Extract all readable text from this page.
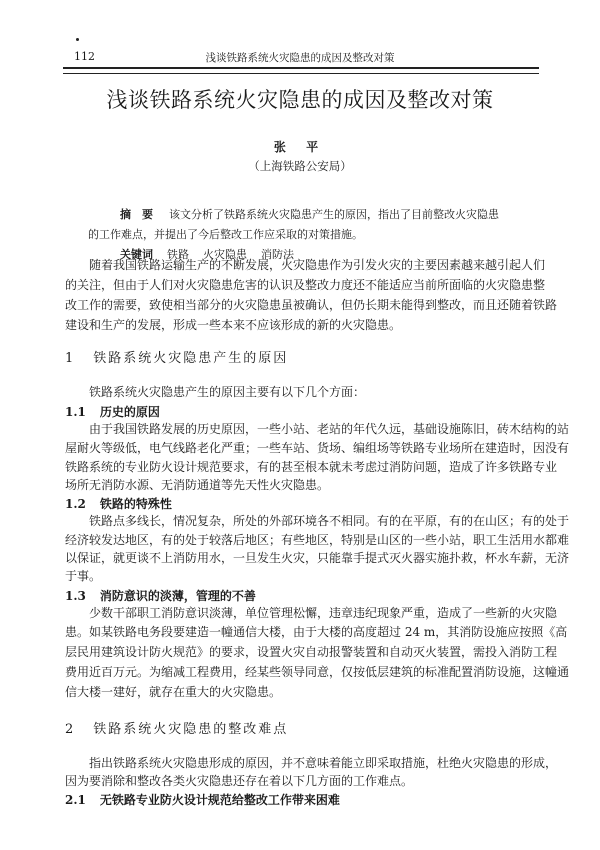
112	浅谈铁路系统火灾隐患的成因及整改对策
浅谈铁路系统火灾隐患的成因及整改对策
张 平
（上海铁路公安局）
摘　要 该文分析了铁路系统火灾隐患产生的原因，指出了目前整改火灾隐患
的工作难点，并提出了今后整改工作应采取的对策措施。
关键词 铁路 火灾隐患 消防法
随着我国铁路运输生产的不断发展，火灾隐患作为引发火灾的主要因素越来越引起人们
的关注，但由于人们对火灾隐患危害的认识及整改力度还不能适应当前所面临的火灾隐患整
改工作的需要，致使相当部分的火灾隐患虽被确认，但仍长期未能得到整改，而且还随着铁路
建设和生产的发展，形成一些本来不应该形成的新的火灾隐患。
1 铁路系统火灾隐患产生的原因
铁路系统火灾隐患产生的原因主要有以下几个方面：
1.1 历史的原因
由于我国铁路发展的历史原因，一些小站、老站的年代久远，基础设施陈旧，砖木结构的站
屋耐火等级低，电气线路老化严重；一些车站、货场、编组场等铁路专业场所在建造时，因没有
铁路系统的专业防火设计规范要求，有的甚至根本就未考虑过消防问题，造成了许多铁路专业
场所无消防水源、无消防通道等先天性火灾隐患。
1.2 铁路的特殊性
铁路点多线长，情况复杂，所处的外部环境各不相同。有的在平原，有的在山区；有的处于
经济较发达地区，有的处于较落后地区；有些地区，特别是山区的一些小站，职工生活用水都难
以保证，就更谈不上消防用水，一旦发生火灾，只能靠手提式灭火器实施扑救，杯水车薪，无济
于事。
1.3 消防意识的淡薄，管理的不善
少数干部职工消防意识淡薄，单位管理松懈，违章违纪现象严重，造成了一些新的火灾隐
患。如某铁路电务段要建造一幢通信大楼，由于大楼的高度超过 24 m，其消防设施应按照《高
层民用建筑设计防火规范》的要求，设置火灾自动报警装置和自动灭火装置，需投入消防工程
费用近百万元。为缩减工程费用，经某些领导同意，仅按低层建筑的标准配置消防设施，这幢通
信大楼一建好，就存在重大的火灾隐患。
2 铁路系统火灾隐患的整改难点
指出铁路系统火灾隐患形成的原因，并不意味着能立即采取措施，杜绝火灾隐患的形成，
因为要消除和整改各类火灾隐患还存在着以下几方面的工作难点。
2.1 无铁路专业防火设计规范给整改工作带来困难
